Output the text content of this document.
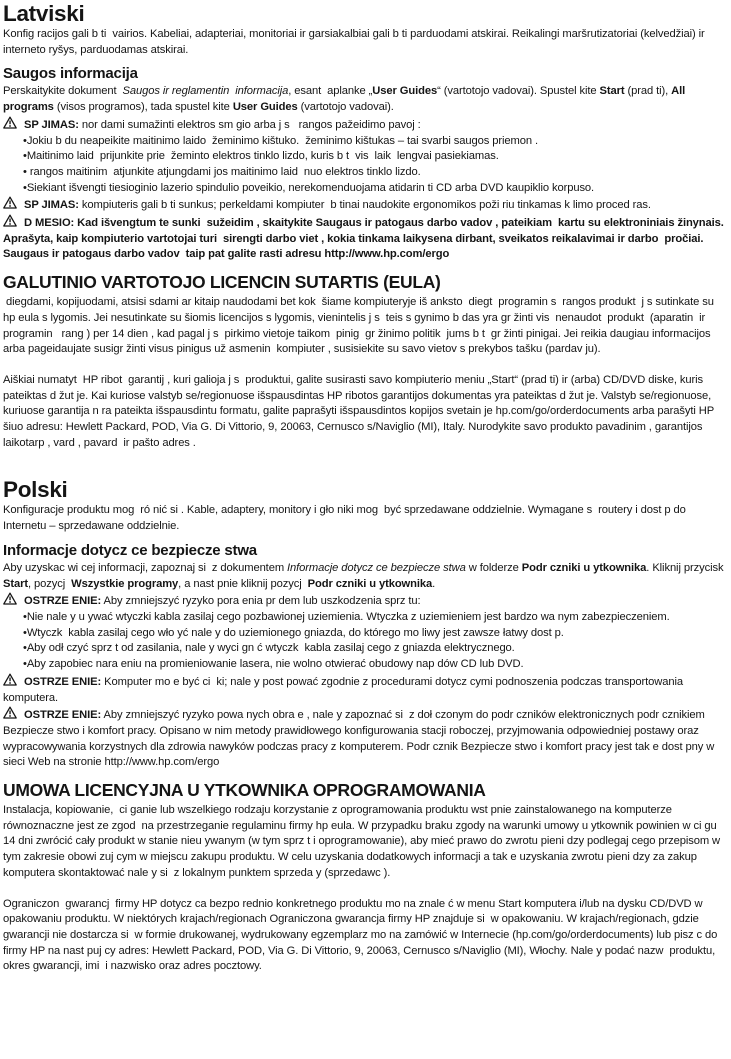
Latviski
Konfig racijos gali b ti  vairios. Kabeliai, adapteriai, monitoriai ir garsiakalbiai gali b ti parduodami atskirai. Reikalingi maršrutizatoriai (kelvedžiai) ir interneto ryšys, parduodamas atskirai.
Saugos informacija
Perskaitykite dokument  Saugos ir reglamentin  informacija, esant  aplanke „User Guides“ (vartotojo vadovai). Spustel kite Start (prad ti), All programs (visos programos), tada spustel kite User Guides (vartotojo vadovai).
SP JIMAS: nor dami sumažinti elektros sm gio arba j s   rangos pažeidimo pavoj :
•Jokiu b du neapeikite maitinimo laido  žeminimo kištuko.  žeminimo kištukas – tai svarbi saugos priemon .
•Maitinimo laid  prijunkite prie  žeminto elektros tinklo lizdo, kuris b t  vis  laik  lengvai pasiekiamas.
• rangos maitinim  atjunkite atjungdami jos maitinimo laid  nuo elektros tinklo lizdo.
•Siekiant išvengti tiesioginio lazerio spindulio poveikio, nerekomenduojama atidarin ti CD arba DVD kaupiklio korpuso.
SP JIMAS: kompiuteris gali b ti sunkus; perkeldami kompiuter  b tinai naudokite ergonomikos poži riu tinkamas k limo proced ras.
D MESIO: Kad išvengtum te sunki  sužeidim , skaitykite Saugaus ir patogaus darbo vadov , pateikiam  kartu su elektroniniais žinynais. Aprašyta, kaip kompiuterio vartotojai turi  sirengti darbo viet , kokia tinkama laikysena dirbant, sveikatos reikalavimai ir darbo  pročiai. Saugaus ir patogaus darbo vadov  taip pat galite rasti adresu http://www.hp.com/ergo
GALUTINIO VARTOTOJO LICENCIN SUTARTIS (EULA)
diegdami, kopijuodami, atsisi sdami ar kitaip naudodami bet kok  šiame kompiuteryje iš anksto  diegt  programin s  rangos produkt  j s sutinkate su hp eula s lygomis. Jei nesutinkate su šiomis licencijos s lygomis, vienintelis j s  teis s gynimo b das yra gr žinti vis  nenaudot  produkt  (aparatin  ir programin   rang ) per 14 dien , kad pagal j s  pirkimo vietoje taikom  pinig  gr žinimo politik  jums b t  gr žinti pinigai. Jei reikia daugiau informacijos arba pageidaujate susigr žinti visus pinigus už asmenin  kompiuter , susisiekite su savo vietov s prekybos tašku (pardav ju).
Aiškiai numatyt  HP ribot  garantij , kuri galioja j s  produktui, galite susirasti savo kompiuterio meniu „Start“ (prad ti) ir (arba) CD/DVD diske, kuris pateiktas d žut je. Kai kuriose valstyb se/regionuose išspausdintas HP ribotos garantijos dokumentas yra pateiktas d žut je. Valstyb se/regionuose, kuriuose garantija n ra pateikta išspausdintu formatu, galite paprašyti išspausdintos kopijos svetain je hp.com/go/orderdocuments arba parašyti HP šiuo adresu: Hewlett Packard, POD, Via G. Di Vittorio, 9, 20063, Cernusco s/Naviglio (MI), Italy. Nurodykite savo produkto pavadinim , garantijos laikotarp , vard , pavard  ir pašto adres .
Polski
Konfiguracje produktu mog  ró nić si . Kable, adaptery, monitory i gło niki mog  być sprzedawane oddzielnie. Wymagane s  routery i dost p do Internetu – sprzedawane oddzielnie.
Informacje dotycz ce bezpiecze stwa
Aby uzyskac wi cej informacji, zapoznaj si  z dokumentem Informacje dotycz ce bezpiecze stwa w folderze Podr czniki u ytkownika. Kliknij przycisk Start, pozycj  Wszystkie programy, a nast pnie kliknij pozycj  Podr czniki u ytkownika.
OSTRZE ENIE: Aby zmniejszyć ryzyko pora enia pr dem lub uszkodzenia sprz tu:
•Nie nale y u ywać wtyczki kabla zasilaj cego pozbawionej uziemienia. Wtyczka z uziemieniem jest bardzo wa nym zabezpieczeniem.
•Wtyczk  kabla zasilaj cego wło yć nale y do uziemionego gniazda, do którego mo liwy jest zawsze łatwy dost p.
•Aby odł czyć sprz t od zasilania, nale y wyci gn ć wtyczk  kabla zasilaj cego z gniazda elektrycznego.
•Aby zapobiec nara eniu na promieniowanie lasera, nie wolno otwierać obudowy nap dów CD lub DVD.
OSTRZE ENIE: Komputer mo e być ci  ki; nale y post pować zgodnie z procedurami dotycz cymi podnoszenia podczas transportowania komputera.
OSTRZE ENIE: Aby zmniejszyć ryzyko powa nych obra e , nale y zapoznać si  z doł czonym do podr czników elektronicznych podr cznikiem Bezpiecze stwo i komfort pracy. Opisano w nim metody prawidłowego konfigurowania stacji roboczej, przyjmowania odpowiedniej postawy oraz wypracowywania korzystnych dla zdrowia nawyków podczas pracy z komputerem. Podr cznik Bezpiecze stwo i komfort pracy jest tak e dost pny w sieci Web na stronie http://www.hp.com/ergo
UMOWA LICENCYJNA U YTKOWNIKA OPROGRAMOWANIA
Instalacja, kopiowanie,  ci ganie lub wszelkiego rodzaju korzystanie z oprogramowania produktu wst pnie zainstalowanego na komputerze równoznaczne jest ze zgod  na przestrzeganie regulaminu firmy hp eula. W przypadku braku zgody na warunki umowy u ytkownik powinien w ci gu 14 dni zwrócić cały produkt w stanie nieu ywanym (w tym sprz t i oprogramowanie), aby mieć prawo do zwrotu pieni dzy podlegaj cego przepisom w tym zakresie obowi zuj cym w miejscu zakupu produktu. W celu uzyskania dodatkowych informacji a tak e uzyskania zwrotu pieni dzy za zakup komputera skontaktować nale y si  z lokalnym punktem sprzeda y (sprzedawc ).
Ograniczon  gwarancj  firmy HP dotycz ca bezpo rednio konkretnego produktu mo na znale ć w menu Start komputera i/lub na dysku CD/DVD w opakowaniu produktu. W niektórych krajach/regionach Ograniczona gwarancja firmy HP znajduje si  w opakowaniu. W krajach/regionach, gdzie gwarancji nie dostarcza si  w formie drukowanej, wydrukowany egzemplarz mo na zamówić w Internecie (hp.com/go/orderdocuments) lub pisz c do firmy HP na nast puj cy adres: Hewlett Packard, POD, Via G. Di Vittorio, 9, 20063, Cernusco s/Naviglio (MI), Włochy. Nale y podać nazw  produktu, okres gwarancji, imi  i nazwisko oraz adres pocztowy.
